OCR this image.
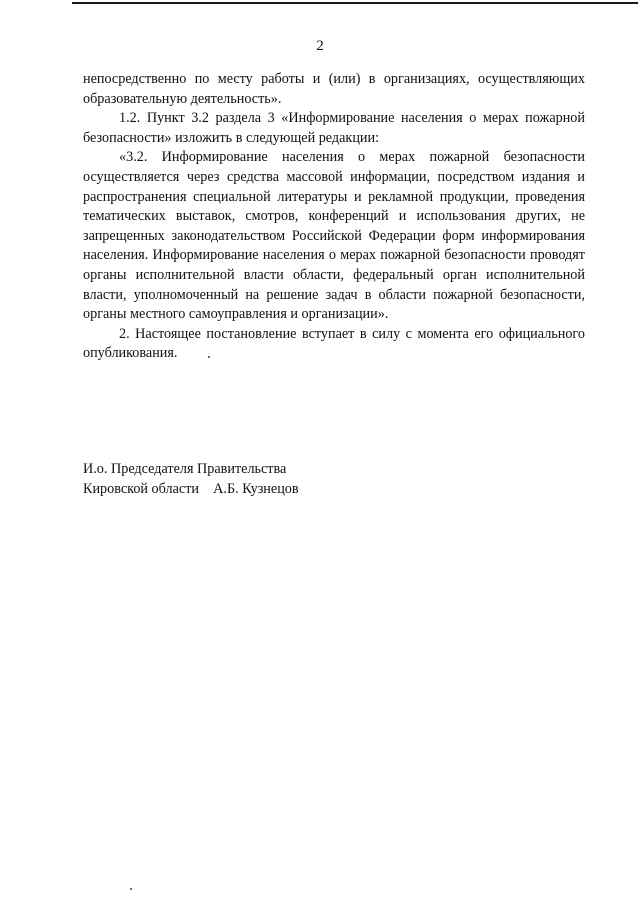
2

непосредственно по месту работы и (или) в организациях, осуществляющих образовательную деятельность».

1.2. Пункт 3.2 раздела 3 «Информирование населения о мерах пожарной безопасности» изложить в следующей редакции:

«3.2. Информирование населения о мерах пожарной безопасности осуществляется через средства массовой информации, посредством издания и распространения специальной литературы и рекламной продукции, проведения тематических выставок, смотров, конференций и использования других, не запрещенных законодательством Российской Федерации форм информирования населения. Информирование населения о мерах пожарной безопасности проводят органы исполнительной власти области, федеральный орган исполнительной власти, уполномоченный на решение задач в области пожарной безопасности, органы местного самоуправления и организации».

2. Настоящее постановление вступает в силу с момента его официального опубликования.

И.о. Председателя Правительства
Кировской области    А.Б. Кузнецов
